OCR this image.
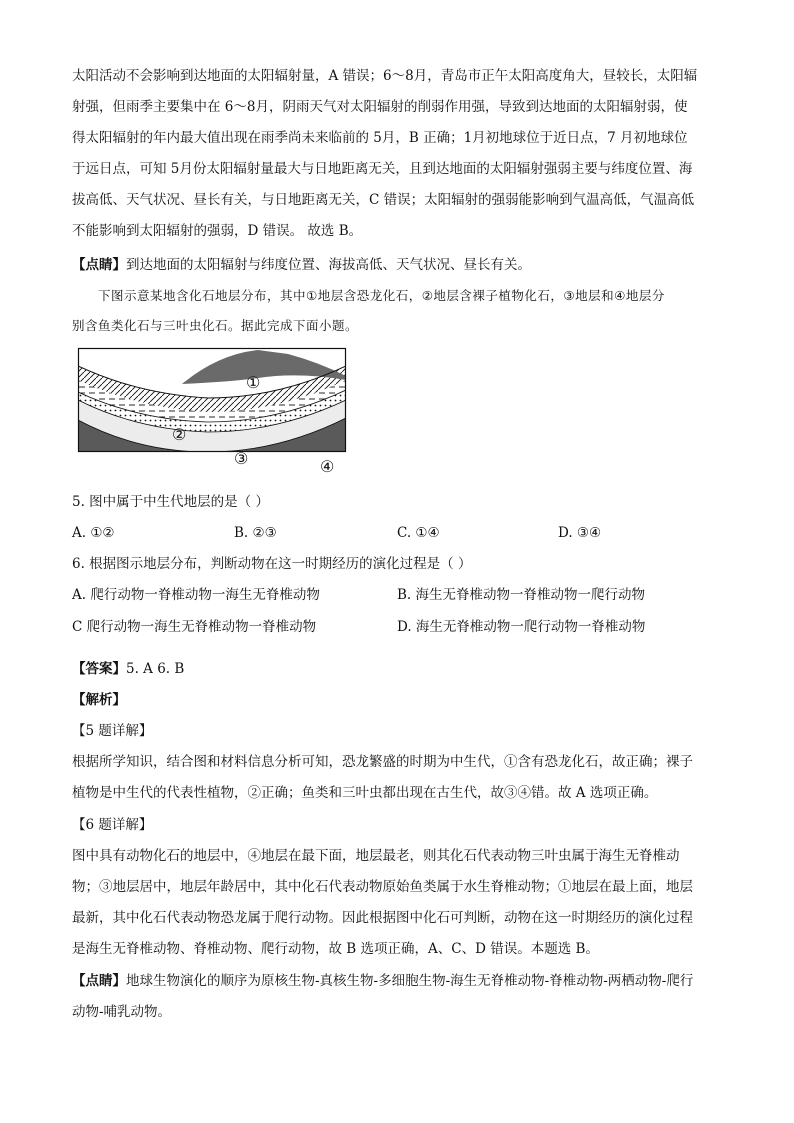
太阳活动不会影响到达地面的太阳辐射量，A 错误；6～8月，青岛市正午太阳高度角大，昼较长，太阳辐
射强，但雨季主要集中在 6～8月，阴雨天气对太阳辐射的削弱作用强，导致到达地面的太阳辐射弱，使
得太阳辐射的年内最大值出现在雨季尚未来临前的 5月，B 正确；1月初地球位于近日点，7 月初地球位
于远日点，可知 5月份太阳辐射量最大与日地距离无关，且到达地面的太阳辐射强弱主要与纬度位置、海
拔高低、天气状况、昼长有关，与日地距离无关，C 错误；太阳辐射的强弱能影响到气温高低，气温高低
不能影响到太阳辐射的强弱，D 错误。 故选 B。
【点睛】到达地面的太阳辐射与纬度位置、海拔高低、天气状况、昼长有关。
下图示意某地含化石地层分布，其中①地层含恐龙化石，②地层含裸子植物化石，③地层和④地层分
别含鱼类化石与三叶虫化石。据此完成下面小题。
①
②
③	④
5. 图中属于中生代地层的是（ ）
A. ①②	B. ②③	C. ①④	D. ③④
6. 根据图示地层分布，判断动物在这一时期经历的演化过程是（ ）
A. 爬行动物一脊椎动物一海生无脊椎动物	B. 海生无脊椎动物一脊椎动物一爬行动物
C 爬行动物一海生无脊椎动物一脊椎动物	D. 海生无脊椎动物一爬行动物一脊椎动物
【答案】5. A 6. B
【解析】
【5 题详解】
根据所学知识，结合图和材料信息分析可知，恐龙繁盛的时期为中生代，①含有恐龙化石，故正确；裸子
植物是中生代的代表性植物，②正确；鱼类和三叶虫都出现在古生代，故③④错。故 A 选项正确。
【6 题详解】
图中具有动物化石的地层中，④地层在最下面，地层最老，则其化石代表动物三叶虫属于海生无脊椎动
物；③地层居中，地层年龄居中，其中化石代表动物原始鱼类属于水生脊椎动物；①地层在最上面，地层
最新，其中化石代表动物恐龙属于爬行动物。因此根据图中化石可判断，动物在这一时期经历的演化过程
是海生无脊椎动物、脊椎动物、爬行动物，故 B 选项正确，A、C、D 错误。本题选 B。
【点睛】地球生物演化的顺序为原核生物-真核生物-多细胞生物-海生无脊椎动物-脊椎动物-两栖动物-爬行
动物-哺乳动物。
